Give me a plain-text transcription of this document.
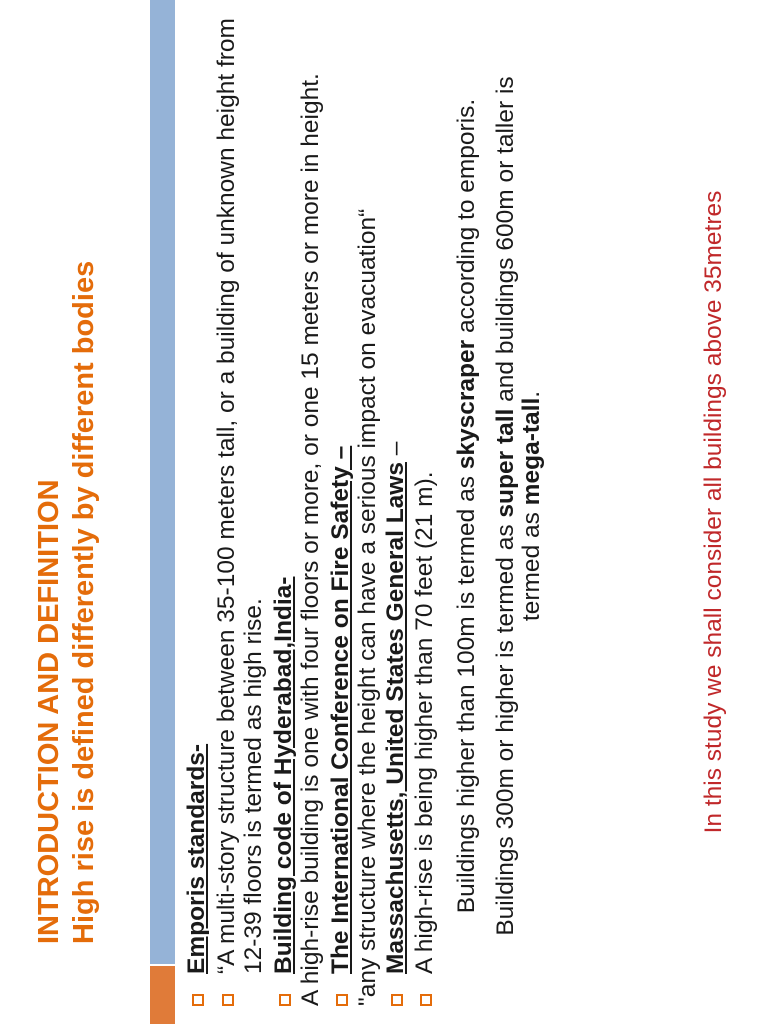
INTRODUCTION AND DEFINITION High rise is defined differently by different bodies	Emporis standards- “A multi-story structure between 35-100 meters tall, or a building of unknown height from 12-39 floors is termed as high rise. Building code of Hyderabad,India- A high-rise building is one with four floors or more, or one 15 meters or more in height. The International Conference on Fire Safety – "any structure where the height can have a serious impact on evacuation“ Massachusetts, United States General Laws –
A high-rise is being higher than 70 feet (21 m). Buildings higher than 100m is termed as skyscraper according to emporis.
Buildings 300m or higher is termed as super tall and buildings 600m or taller is termed as mega-tall.	In this study we shall consider all buildings above 35metres
